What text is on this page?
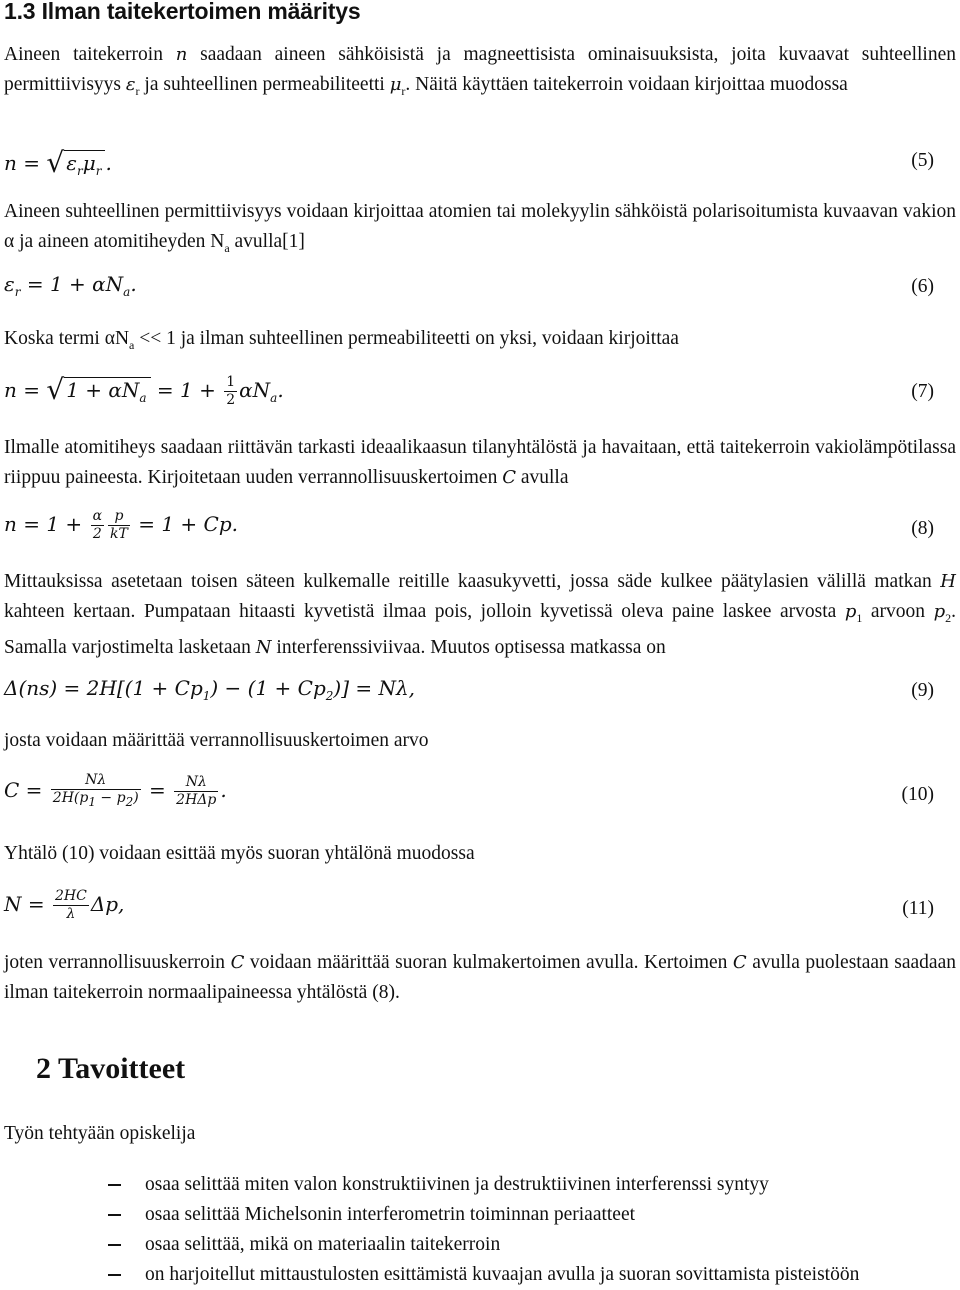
1.3 Ilman taitekertoimen määritys
Aineen taitekerroin n saadaan aineen sähköisistä ja magneettisista ominaisuuksista, joita kuvaavat suhteellinen permittiivisyys $\varepsilon_r$ ja suhteellinen permeabiliteetti $\mu_r$. Näitä käyttäen taitekerroin voidaan kirjoittaa muodossa
n = √ $\varepsilon_r\mu_r$ .	(5)
Aineen suhteellinen permittiivisyys voidaan kirjoittaa atomien tai molekyylin sähköistä polarisoitumista kuvaavan vakion α ja aineen atomitiheyden $N_a$ avulla[1]
$\varepsilon_r = 1 + \alpha N_a$.	(6)
Koska termi $\alpha N_a << 1$ ja ilman suhteellinen permeabiliteetti on yksi, voidaan kirjoittaa
n = √ $1 + \alpha N_a = 1 + \frac{1}{2} \alpha N_a$.	(7)
Ilmalle atomitiheys saadaan riittävän tarkasti ideaalikaasun tilanyhtälöstä ja havaitaan, että taitekerroin vakiolämpötilassa riippuu paineesta. Kirjoitetaan uuden verrannollisuuskertoimen C avulla
$n = 1 + \frac{\alpha}{2} \frac{p}{kT} = 1 + Cp$.	(8)
Mittauksissa asetetaan toisen säteen kulkemalle reitille kaasukyvetti, jossa säde kulkee päätylasien välillä matkan H kahteen kertaan. Pumpataan hitaasti kyvetistä ilmaa pois, jolloin kyvetissä oleva paine laskee arvosta $p_1$ arvoon $p_2$. Samalla varjostimelta lasketaan N interferenssiviivaa. Muutos optisessa matkassa on
$\Delta(ns) = 2H[(1 + Cp_1) - (1 + Cp_2)] = N\lambda$,	(9)
josta voidaan määrittää verrannollisuuskertoimen arvo
$C = \frac{N\lambda}{2H(p_1 - p_2)} = \frac{N\lambda}{\text{2HΔp}}$ .	(10)
Yhtälö (10) voidaan esittää myös suoran yhtälönä muodossa
$N = \frac{2HC}{\lambda} \Delta p$,	(11)
joten verrannollisuuskerroin C voidaan määrittää suoran kulmakertoimen avulla. Kertoimen C avulla puolestaan saadaan ilman taitekerroin normaalipaineessa yhtälöstä (8).
2 Tavoitteet
Työn tehtyään opiskelija
osaa selittää miten valon konstruktiivinen ja destruktiivinen interferenssi syntyy
osaa selittää Michelsonin interferometrin toiminnan periaatteet
osaa selittää, mikä on materiaalin taitekerroin
on harjoitellut mittaustulosten esittämistä kuvaajan avulla ja suoran sovittamista pisteistöön
